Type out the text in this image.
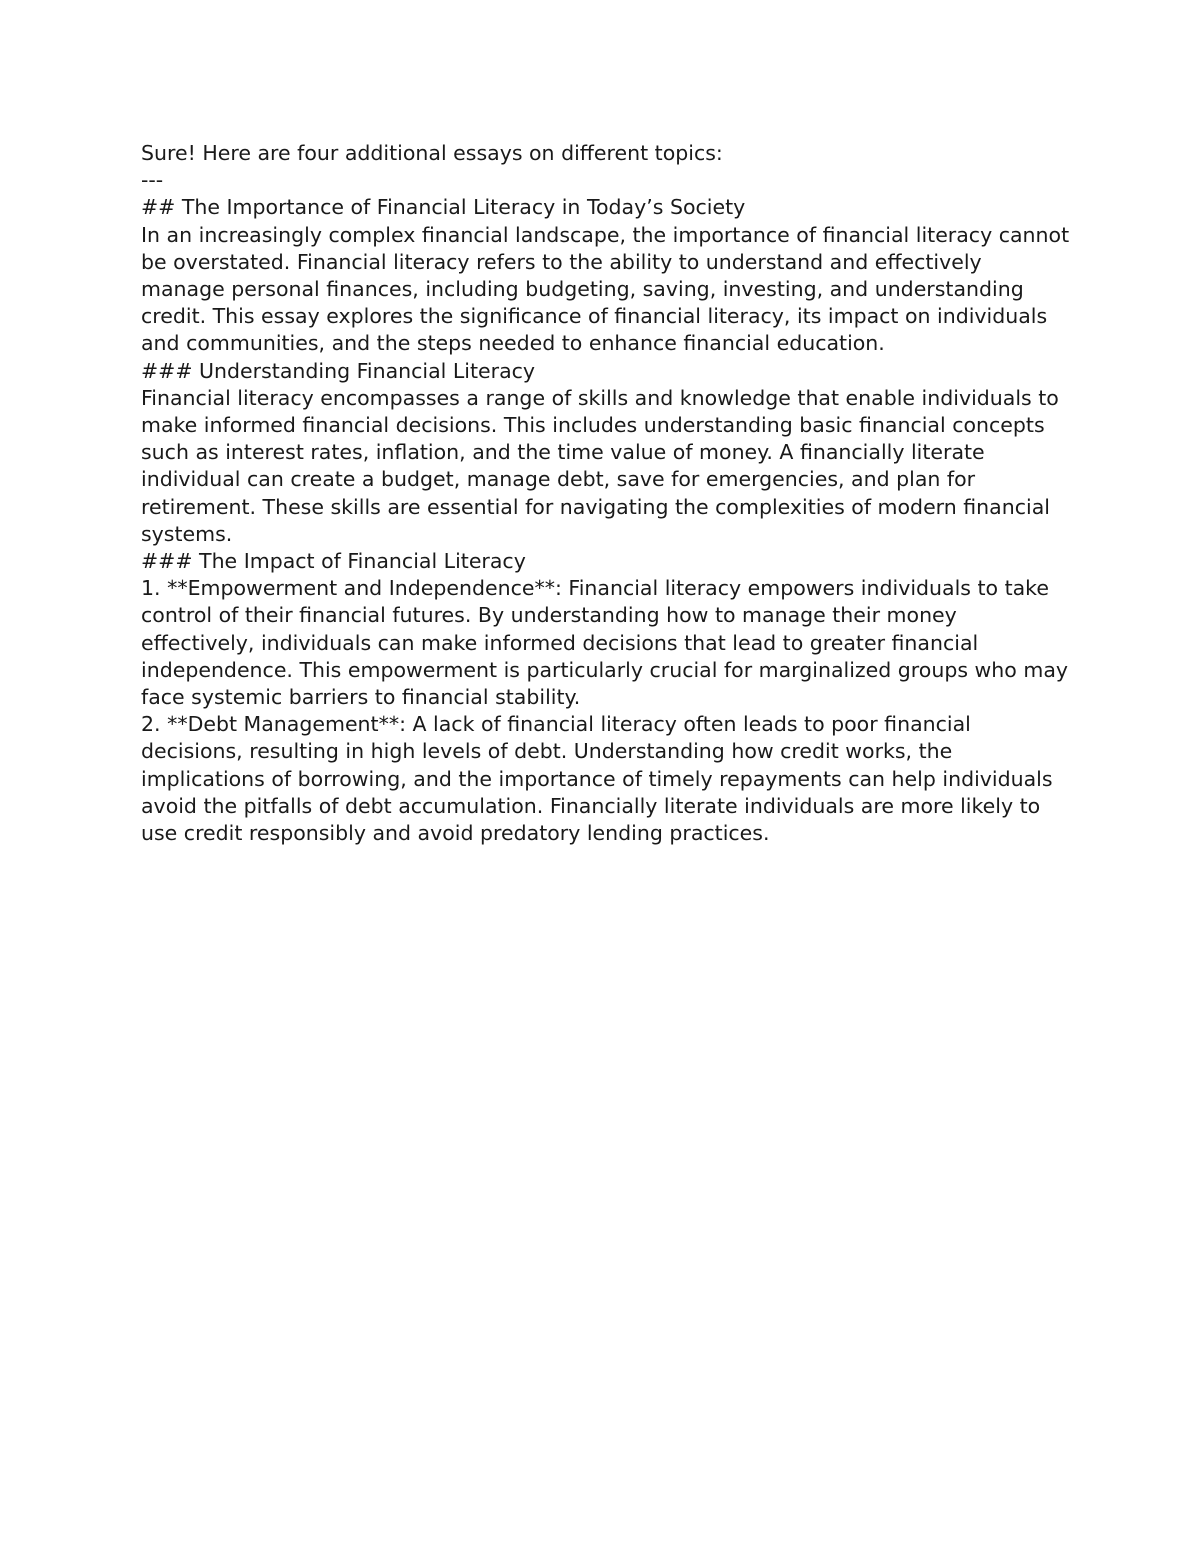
Sure! Here are four additional essays on different topics:

---

## The Importance of Financial Literacy in Today’s Society

In an increasingly complex financial landscape, the importance of financial literacy cannot be overstated. Financial literacy refers to the ability to understand and effectively manage personal finances, including budgeting, saving, investing, and understanding credit. This essay explores the significance of financial literacy, its impact on individuals and communities, and the steps needed to enhance financial education.

### Understanding Financial Literacy

Financial literacy encompasses a range of skills and knowledge that enable individuals to make informed financial decisions. This includes understanding basic financial concepts such as interest rates, inflation, and the time value of money. A financially literate individual can create a budget, manage debt, save for emergencies, and plan for retirement. These skills are essential for navigating the complexities of modern financial systems.

### The Impact of Financial Literacy

1. **Empowerment and Independence**: Financial literacy empowers individuals to take control of their financial futures. By understanding how to manage their money effectively, individuals can make informed decisions that lead to greater financial independence. This empowerment is particularly crucial for marginalized groups who may face systemic barriers to financial stability.

2. **Debt Management**: A lack of financial literacy often leads to poor financial decisions, resulting in high levels of debt. Understanding how credit works, the implications of borrowing, and the importance of timely repayments can help individuals avoid the pitfalls of debt accumulation. Financially literate individuals are more likely to use credit responsibly and avoid predatory lending practices.
